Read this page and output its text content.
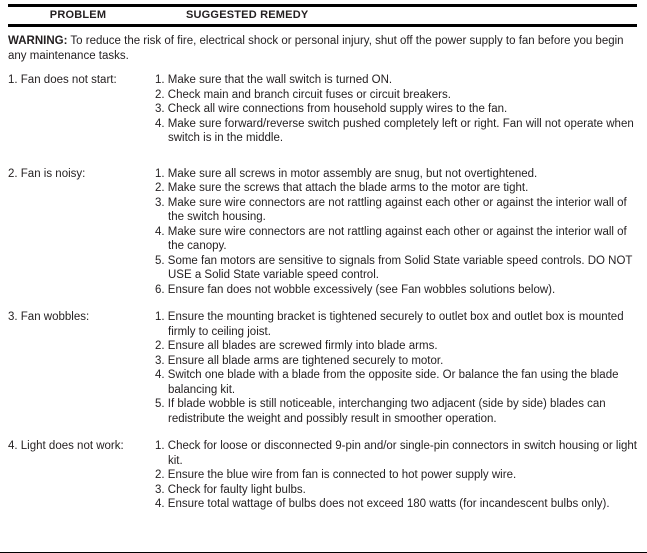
PROBLEM	SUGGESTED REMEDY

WARNING: To reduce the risk of fire, electrical shock or personal injury, shut off the power supply to fan before you begin any maintenance tasks.

1. Fan does not start:	1. Make sure that the wall switch is turned ON.
2. Check main and branch circuit fuses or circuit breakers.
3. Check all wire connections from household supply wires to the fan.
4. Make sure forward/reverse switch pushed completely left or right. Fan will not operate when switch is in the middle.
2. Fan is noisy:	1. Make sure all screws in motor assembly are snug, but not overtightened.
2. Make sure the screws that attach the blade arms to the motor are tight.
3. Make sure wire connectors are not rattling against each other or against the interior wall of the switch housing.
4. Make sure wire connectors are not rattling against each other or against the interior wall of the canopy.
5. Some fan motors are sensitive to signals from Solid State variable speed controls. DO NOT USE a Solid State variable speed control.
6. Ensure fan does not wobble excessively (see Fan wobbles solutions below).
3. Fan wobbles:	1. Ensure the mounting bracket is tightened securely to outlet box and outlet box is mounted firmly to ceiling joist.
2. Ensure all blades are screwed firmly into blade arms.
3. Ensure all blade arms are tightened securely to motor.
4. Switch one blade with a blade from the opposite side. Or balance the fan using the blade balancing kit.
5. If blade wobble is still noticeable, interchanging two adjacent (side by side) blades can redistribute the weight and possibly result in smoother operation.
4. Light does not work:	1. Check for loose or disconnected 9-pin and/or single-pin connectors in switch housing or light kit.
2. Ensure the blue wire from fan is connected to hot power supply wire.
3. Check for faulty light bulbs.
4. Ensure total wattage of bulbs does not exceed 180 watts (for incandescent bulbs only).
